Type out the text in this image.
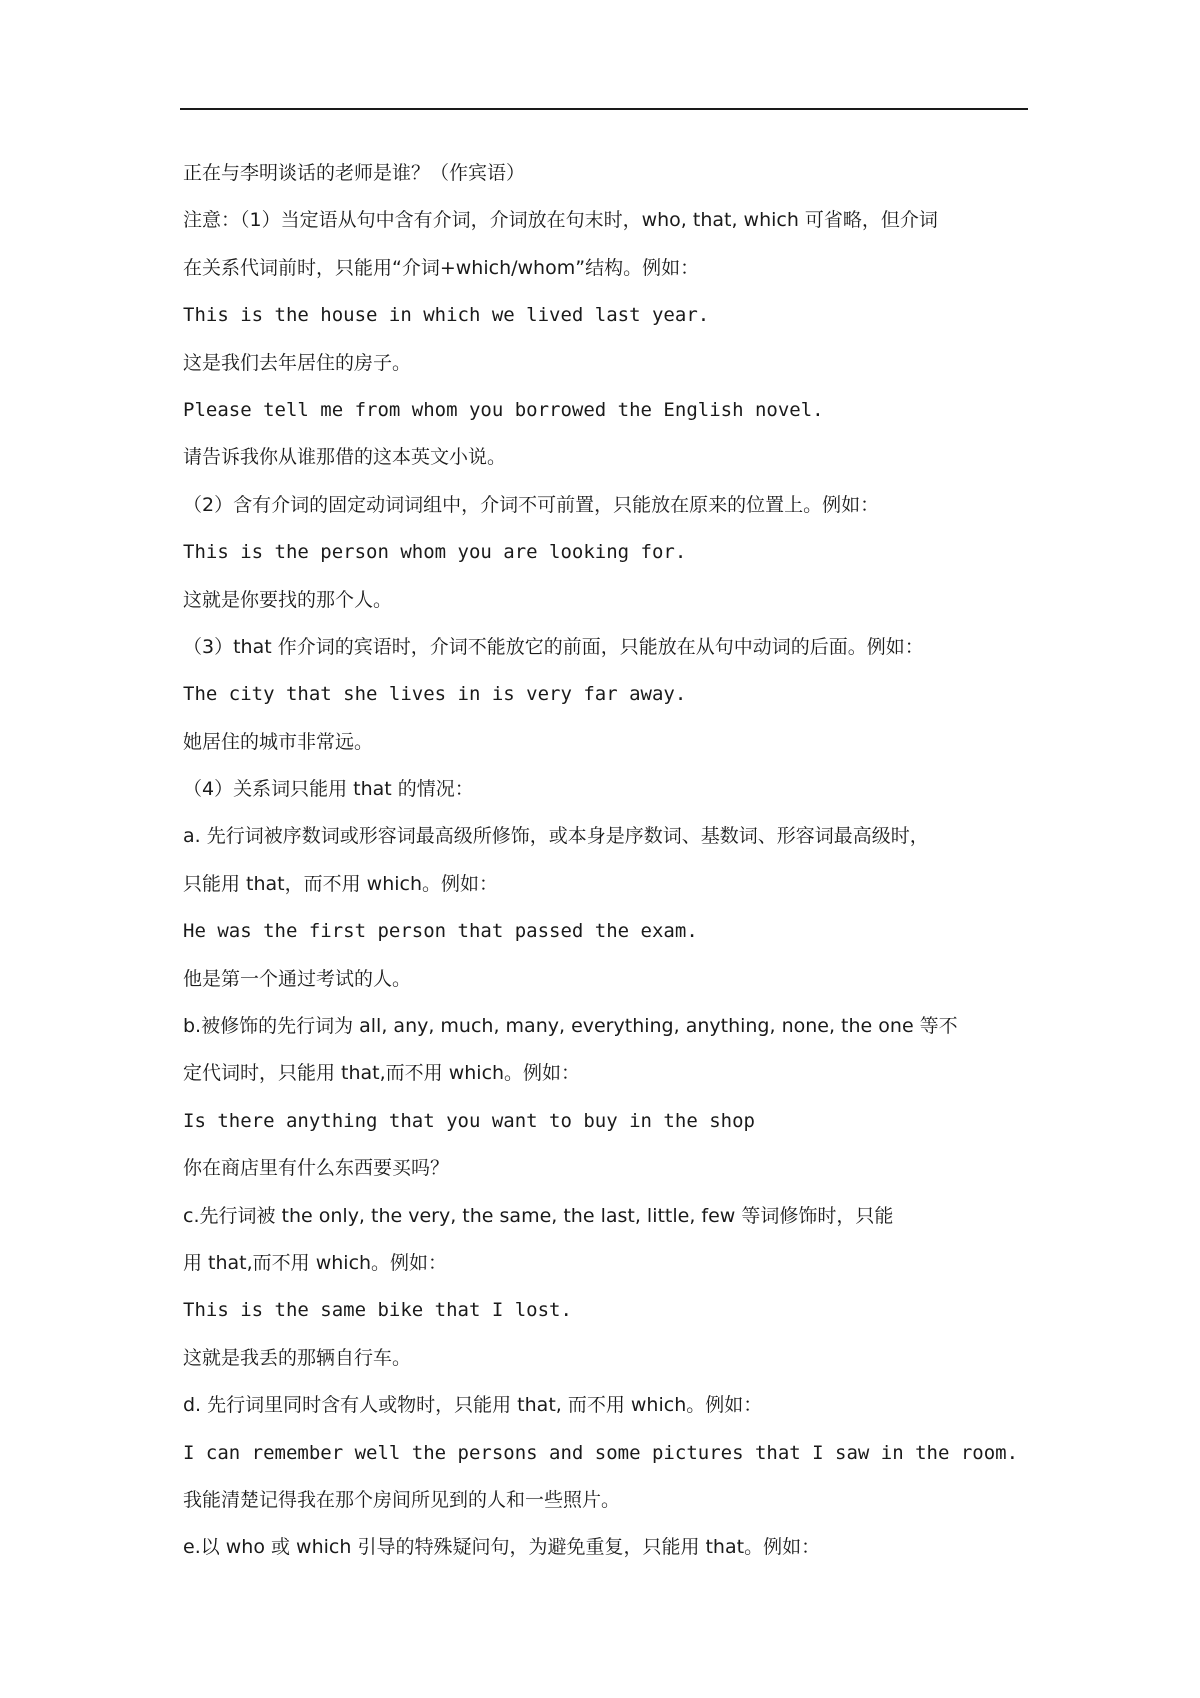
正在与李明谈话的老师是谁？（作宾语）
注意：（1）当定语从句中含有介词，介词放在句末时，who, that, which 可省略，但介词
在关系代词前时，只能用“介词+which/whom”结构。例如：
This is the house in which we lived last year.
这是我们去年居住的房子。
Please tell me from whom you borrowed the English novel.
请告诉我你从谁那借的这本英文小说。
（2）含有介词的固定动词词组中，介词不可前置，只能放在原来的位置上。例如：
This is the person whom you are looking for.
这就是你要找的那个人。
（3）that 作介词的宾语时，介词不能放它的前面，只能放在从句中动词的后面。例如：
The city that she lives in is very far away.
她居住的城市非常远。
（4）关系词只能用 that 的情况：
a. 先行词被序数词或形容词最高级所修饰，或本身是序数词、基数词、形容词最高级时，
只能用 that，而不用 which。例如：
He was the first person that passed the exam.
他是第一个通过考试的人。
b.被修饰的先行词为 all, any, much, many, everything, anything, none, the one 等不
定代词时，只能用 that,而不用 which。例如：
Is there anything that you want to buy in the shop
你在商店里有什么东西要买吗？
c.先行词被 the only, the very, the same, the last, little, few 等词修饰时，只能
用 that,而不用 which。例如：
This is the same bike that I lost.
这就是我丢的那辆自行车。
d. 先行词里同时含有人或物时，只能用 that, 而不用 which。例如：
I can remember well the persons and some pictures that I saw in the room.
我能清楚记得我在那个房间所见到的人和一些照片。
e.以 who 或 which 引导的特殊疑问句，为避免重复，只能用 that。例如：
